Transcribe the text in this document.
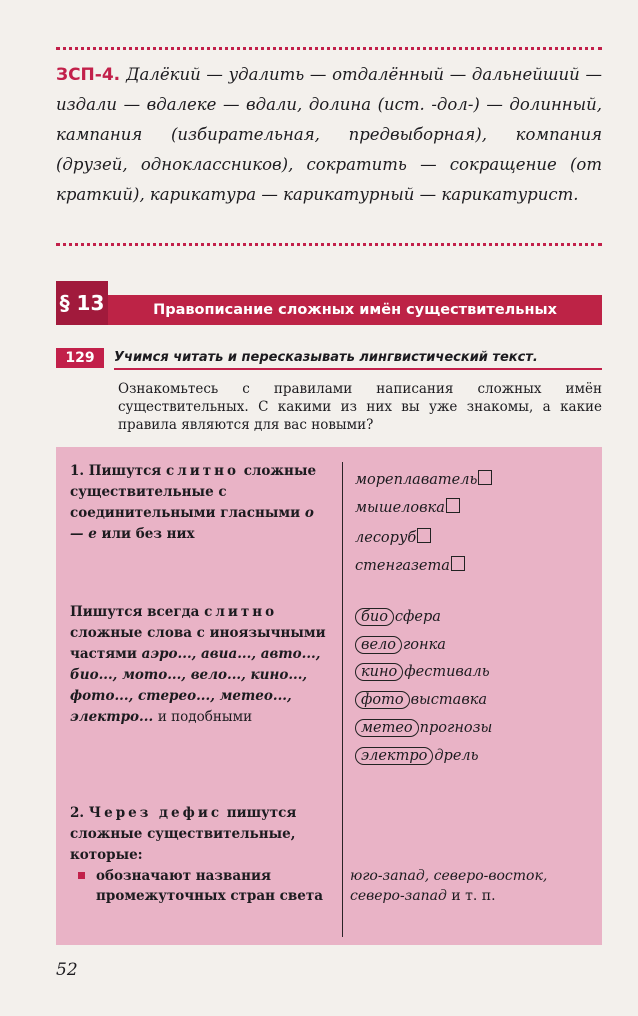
ЗСП-4. Далёкий — удалить — отдалённый — дальнейший — издали — вдалеке — вдали, долина (ист. -дол-) — долинный, кампания (избирательная, предвыборная), компания (друзей, одноклассников), сократить — сокращение (от краткий), карикатура — карикатурный — карикатурист.
§ 13	Правописание сложных имён существительных
129	Учимся читать и пересказывать лингвистический текст.
Ознакомьтесь с правилами написания сложных имён существительных. С какими из них вы уже знакомы, а какие правила являются для вас новыми?
1. Пишутся слитно сложные существительные с соединительными гласными о — е или без них
Пишутся всегда слитно сложные слова с иноязычными частями аэро..., авиа..., авто..., био..., мото..., вело..., кино..., фото..., стерео..., метео..., электро... и подобными
2. Через дефис пишутся сложные существительные, которые:
обозначают названия промежуточных стран света
мореплаватель
мышеловка
лесоруб
стенгазета
био сфера
вело гонка
кино фестиваль
фото выставка
метео прогнозы
электро дрель
юго-запад, северо-восток, северо-запад и т. п.
52
